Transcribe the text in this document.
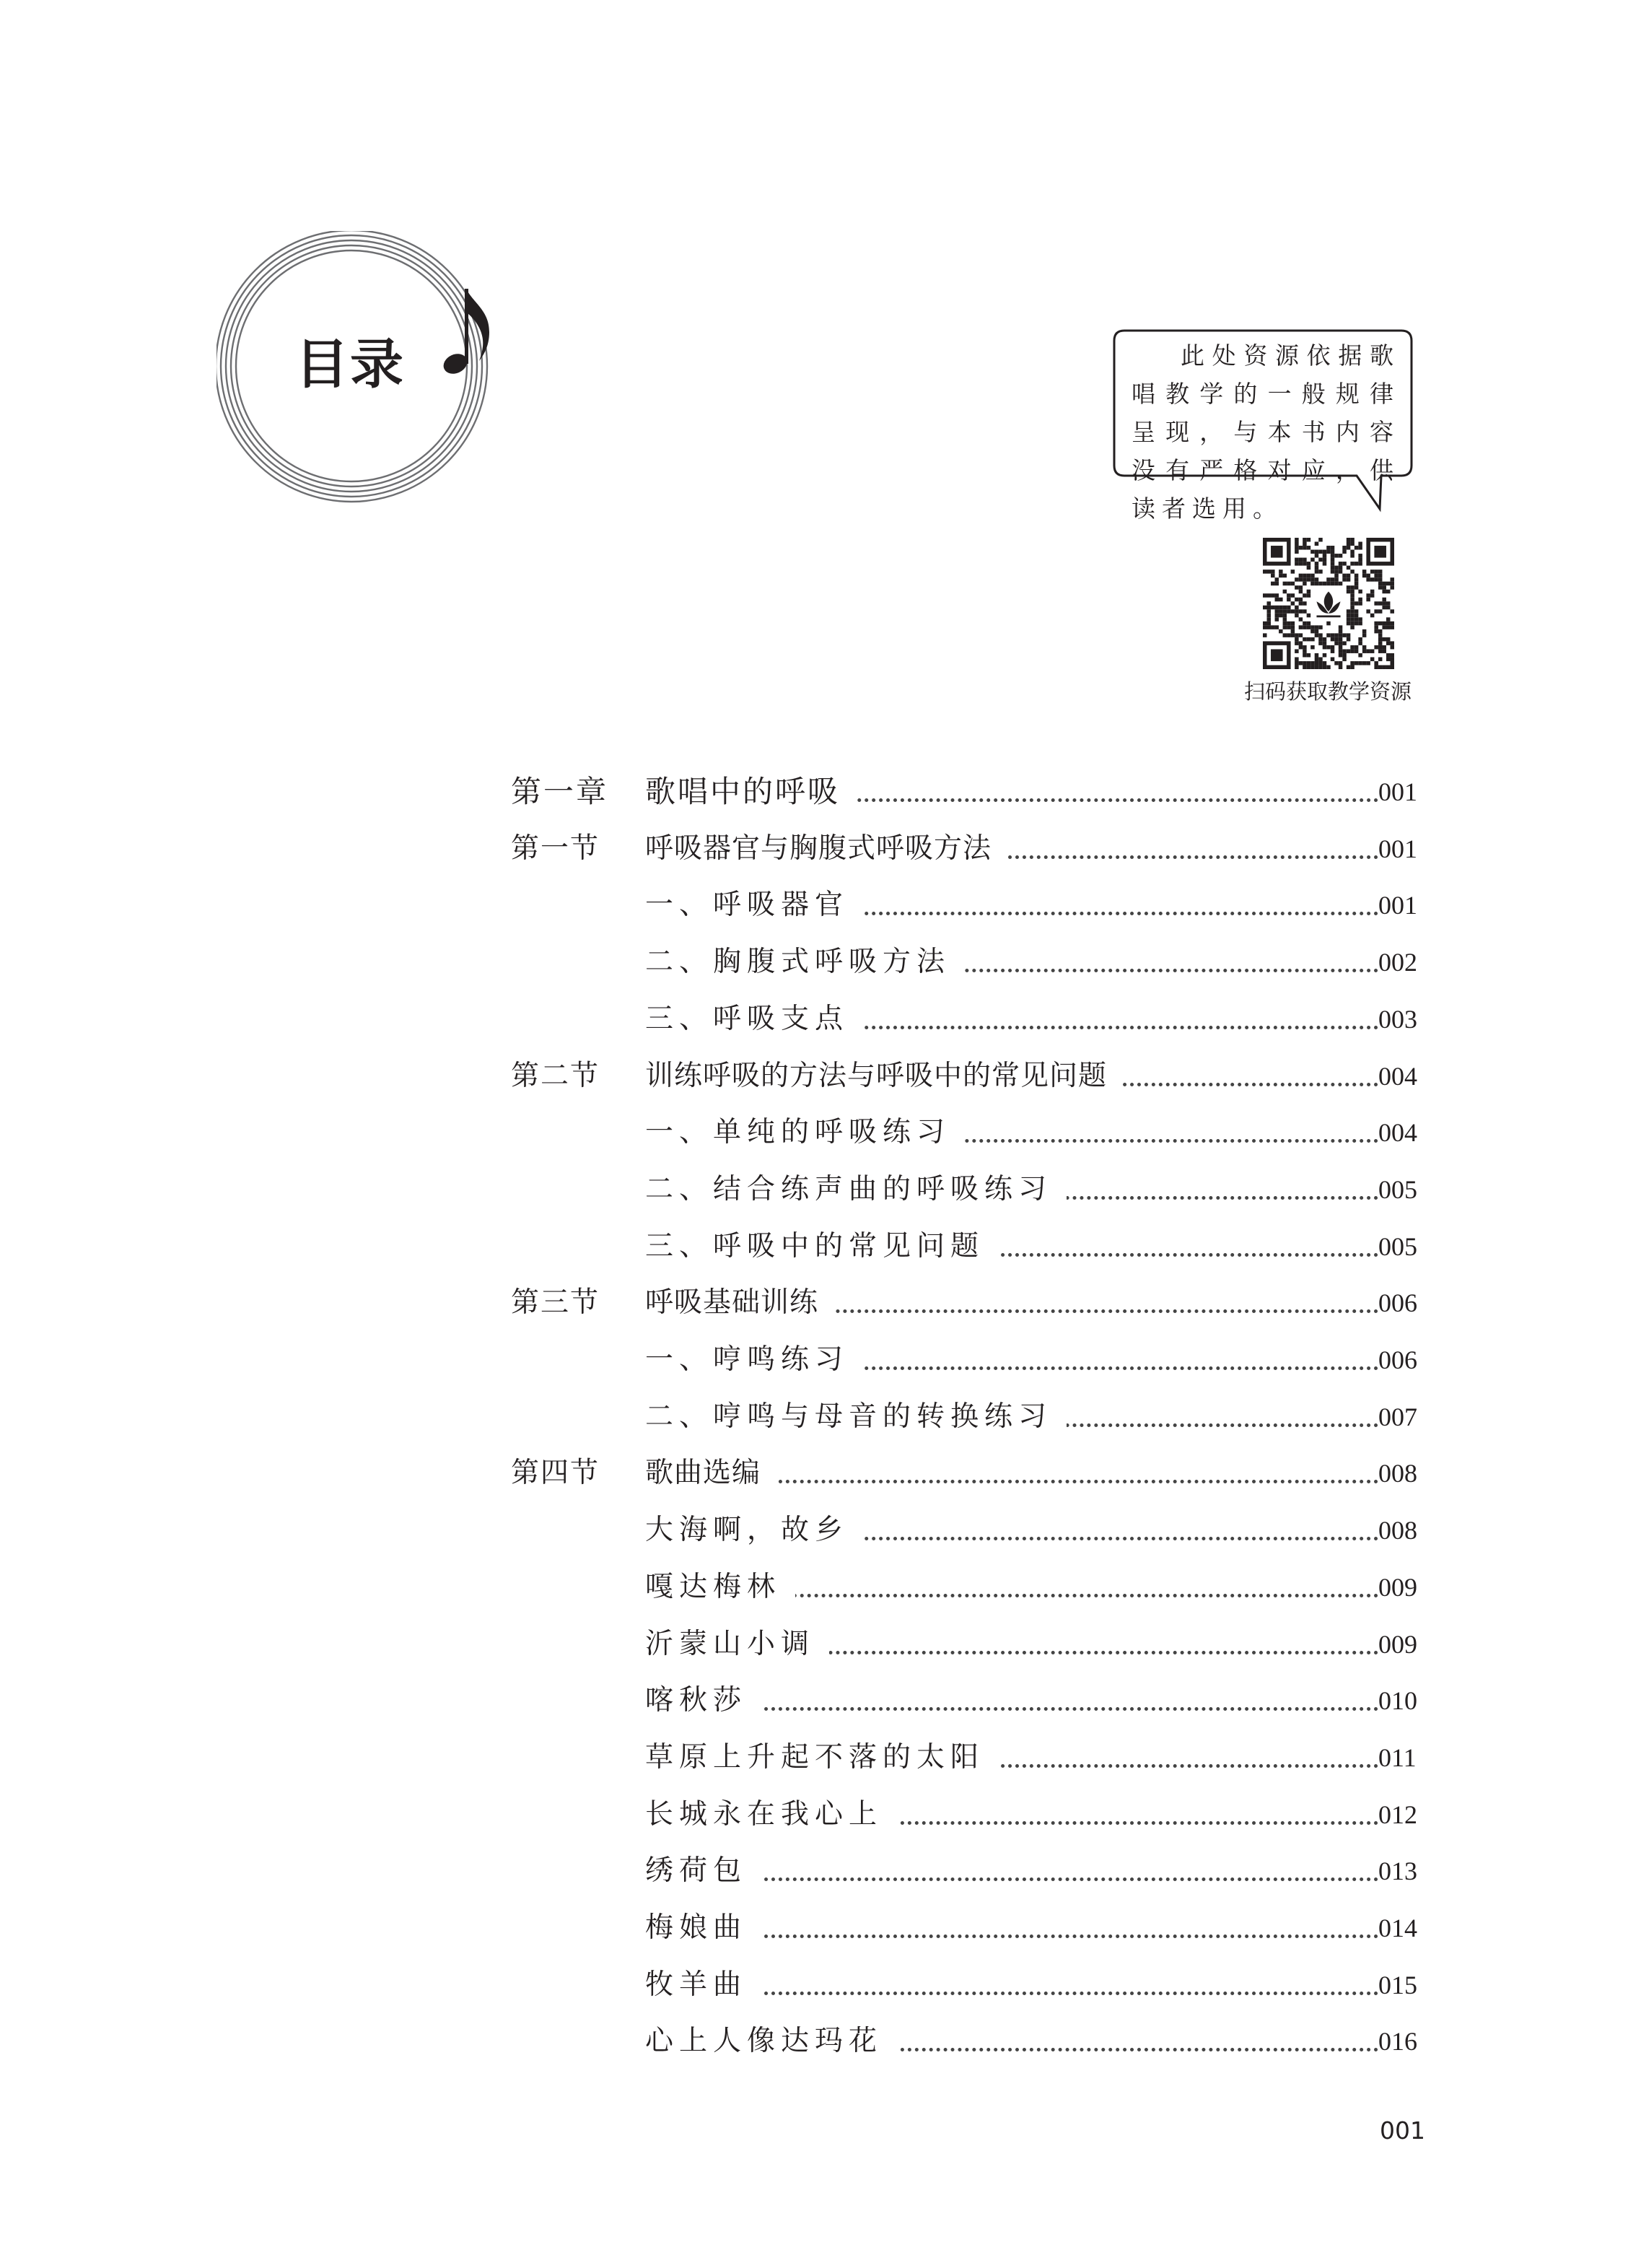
目录	此处资源依据歌唱教学的一般规律呈现，与本书内容没有严格对应，供读者选用。
扫码获取教学资源
第一章 歌唱中的呼吸	001
第一节 呼吸器官与胸腹式呼吸方法	001
一、呼吸器官	001
二、胸腹式呼吸方法	002
三、呼吸支点	003
第二节 训练呼吸的方法与呼吸中的常见问题	004
一、单纯的呼吸练习	004
二、结合练声曲的呼吸练习	005
三、呼吸中的常见问题	005
第三节 呼吸基础训练	006
一、哼鸣练习	006
二、哼鸣与母音的转换练习	007
第四节 歌曲选编	008
大海啊，故乡	008
嘎达梅林	009
沂蒙山小调	009
喀秋莎	010
草原上升起不落的太阳	011
长城永在我心上	012
绣荷包	013
梅娘曲	014
牧羊曲	015
心上人像达玛花	016
001
